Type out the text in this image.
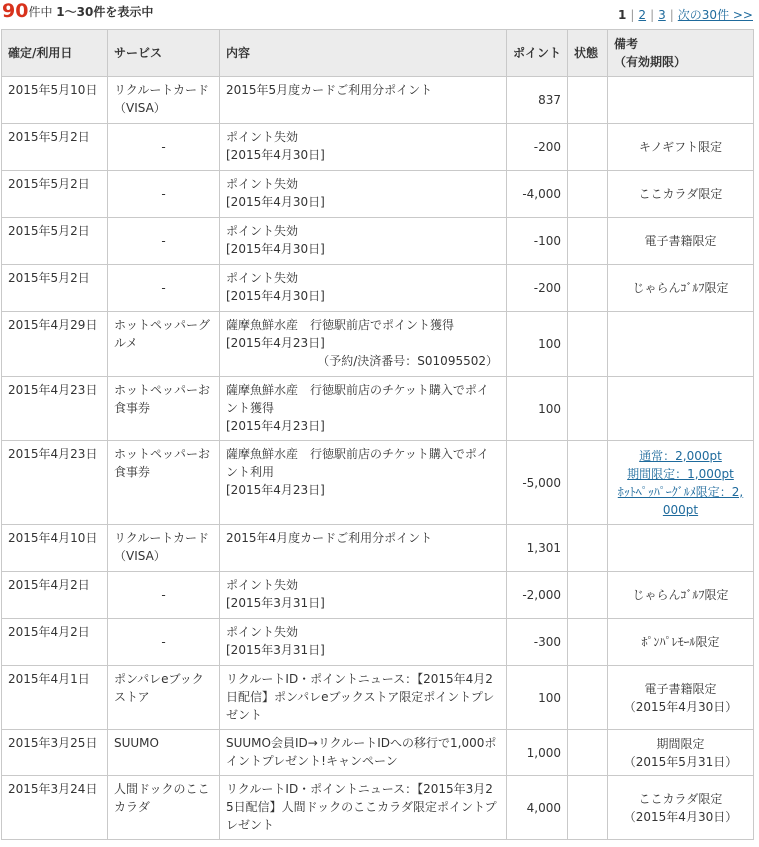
90件中 1〜30件を表示中	1 | 2 | 3 | 次の30件 >>
確定/利用日	サービス	内容	ポイント	状態	備考
（有効期限）

2015年5月10日	リクルートカード（VISA）	2015年5月度カードご利用分ポイント	837		
2015年5月2日	-	ポイント失効
[2015年4月30日]	-200		キノギフト限定

2015年5月2日	-	ポイント失効
[2015年4月30日]	-4,000		ここカラダ限定

2015年5月2日	-	ポイント失効
[2015年4月30日]	-100		電子書籍限定

2015年5月2日	-	ポイント失効
[2015年4月30日]	-200		じゃらんｺﾞﾙﾌ限定

2015年4月29日	ホットペッパーグルメ	薩摩魚鮮水産　行徳駅前店でポイント獲得
[2015年4月23日]
（予約/決済番号：S01095502）	100		
2015年4月23日	ホットペッパーお食事券	薩摩魚鮮水産　行徳駅前店のチケット購入でポイント獲得
[2015年4月23日]	100		
2015年4月23日	ホットペッパーお食事券	薩摩魚鮮水産　行徳駅前店のチケット購入でポイント利用
[2015年4月23日]	-5,000		通常：2,000pt
期間限定：1,000pt
ﾎｯﾄﾍﾟｯﾊﾟｰｸﾞﾙﾒ限定：2,000pt

2015年4月10日	リクルートカード（VISA）	2015年4月度カードご利用分ポイント	1,301		
2015年4月2日	-	ポイント失効
[2015年3月31日]	-2,000		じゃらんｺﾞﾙﾌ限定

2015年4月2日	-	ポイント失効
[2015年3月31日]	-300		ﾎﾟﾝﾊﾟﾚﾓｰﾙ限定

2015年4月1日	ポンパレeブックストア	リクルートID・ポイントニュース：【2015年4月2日配信】ポンパレeブックストア限定ポイントプレゼント	100		電子書籍限定
（2015年4月30日）

2015年3月25日	SUUMO	SUUMO会員ID→リクルートIDへの移行で1,000ポイントプレゼント!キャンペーン	1,000		期間限定
（2015年5月31日）

2015年3月24日	人間ドックのここカラダ	リクルートID・ポイントニュース：【2015年3月25日配信】人間ドックのここカラダ限定ポイントプレゼント	4,000		ここカラダ限定
（2015年4月30日）
